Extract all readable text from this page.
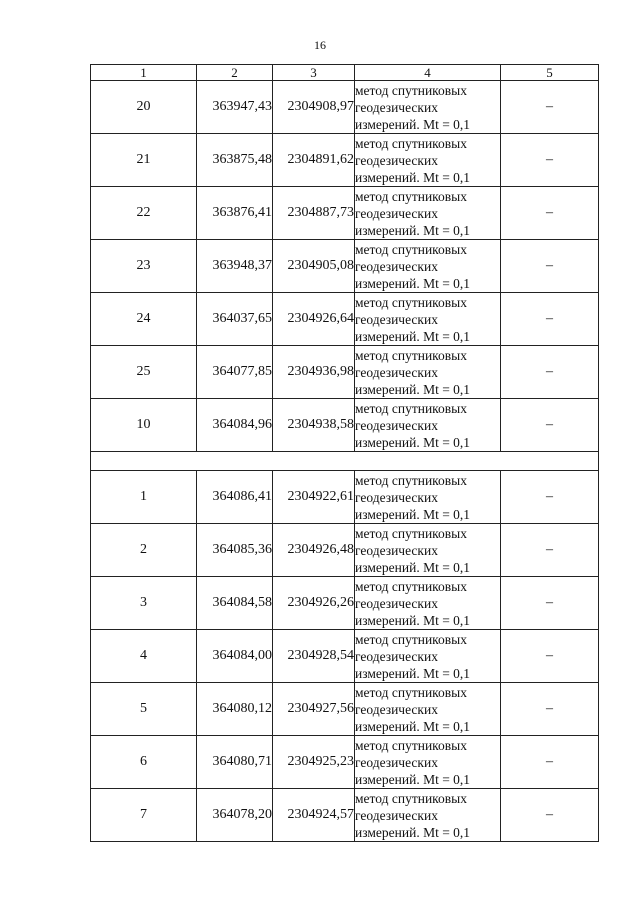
16
1	2	3	4	5
20	363947,43	2304908,97	метод спутниковых
геодезических
измерений. Mt = 0,1	–
21	363875,48	2304891,62	метод спутниковых
геодезических
измерений. Mt = 0,1	–
22	363876,41	2304887,73	метод спутниковых
геодезических
измерений. Mt = 0,1	–
23	363948,37	2304905,08	метод спутниковых
геодезических
измерений. Mt = 0,1	–
24	364037,65	2304926,64	метод спутниковых
геодезических
измерений. Mt = 0,1	–
25	364077,85	2304936,98	метод спутниковых
геодезических
измерений. Mt = 0,1	–
10	364084,96	2304938,58	метод спутниковых
геодезических
измерений. Mt = 0,1	–

1	364086,41	2304922,61	метод спутниковых
геодезических
измерений. Mt = 0,1	–
2	364085,36	2304926,48	метод спутниковых
геодезических
измерений. Mt = 0,1	–
3	364084,58	2304926,26	метод спутниковых
геодезических
измерений. Mt = 0,1	–
4	364084,00	2304928,54	метод спутниковых
геодезических
измерений. Mt = 0,1	–
5	364080,12	2304927,56	метод спутниковых
геодезических
измерений. Mt = 0,1	–
6	364080,71	2304925,23	метод спутниковых
геодезических
измерений. Mt = 0,1	–
7	364078,20	2304924,57	метод спутниковых
геодезических
измерений. Mt = 0,1	–
